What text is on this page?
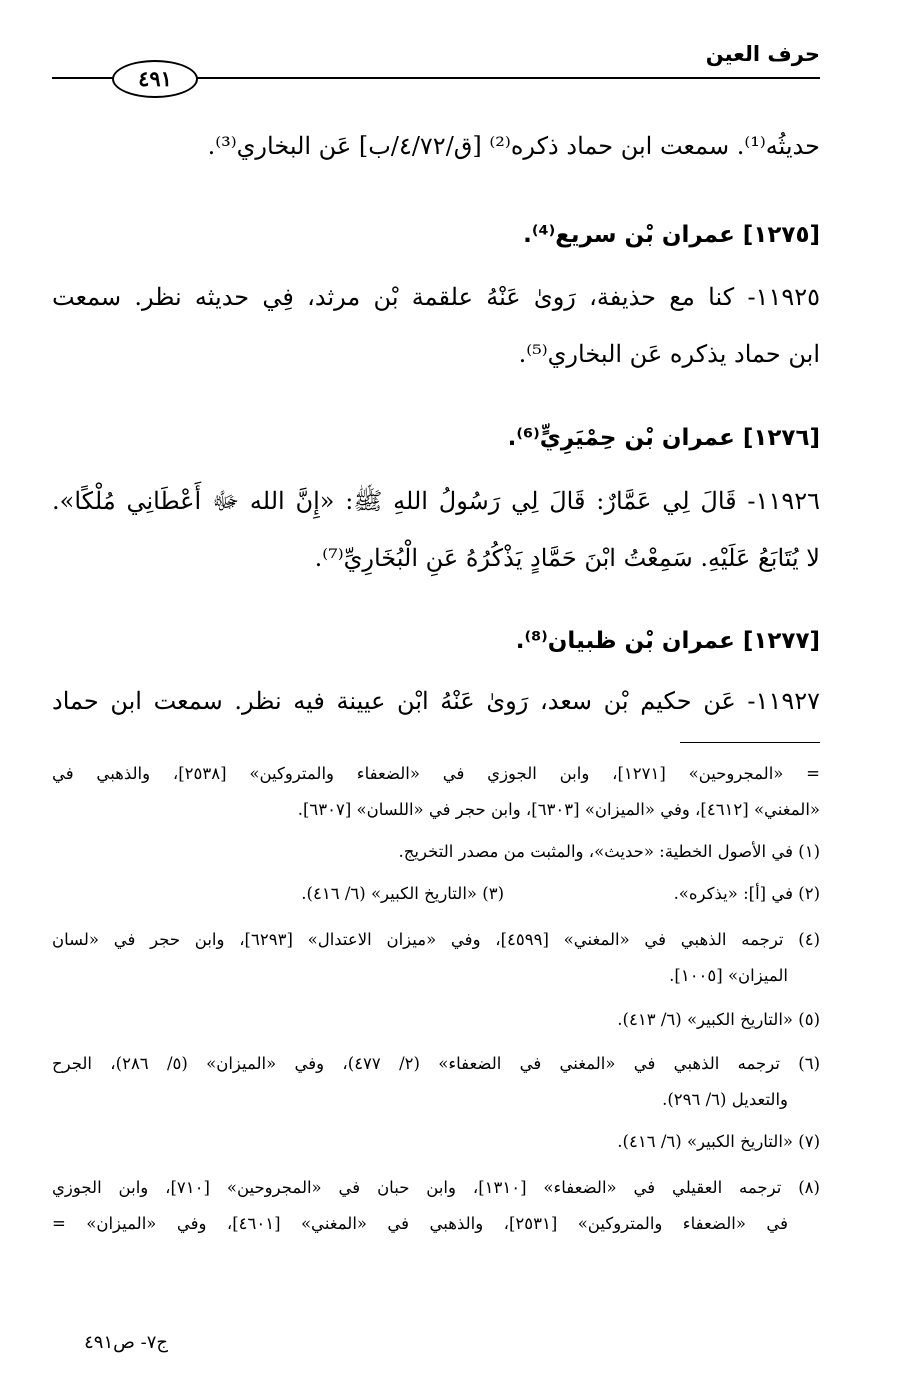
حرف العين
٤٩١
حديثُه⁽¹⁾. سمعت ابن حماد ذكره⁽²⁾ [ق/٤/٧٢/ب] عَن البخاري⁽³⁾.
[١٢٧٥] عمران بْن سريع⁽⁴⁾.
١١٩٢٥- كنا مع حذيفة، رَوىٰ عَنْهُ علقمة بْن مرثد، فِي حديثه نظر. سمعت
ابن حماد يذكره عَن البخاري⁽⁵⁾.
[١٢٧٦] عمران بْن حِمْيَرِيٍّ⁽⁶⁾.
١١٩٢٦- قَالَ لِي عَمَّارٌ: قَالَ لِي رَسُولُ اللهِ ﷺ: «إِنَّ الله ﷻ أَعْطَانِي مُلْكًا».
لا يُتَابَعُ عَلَيْهِ. سَمِعْتُ ابْنَ حَمَّادٍ يَذْكُرُهُ عَنِ الْبُخَارِيِّ⁽⁷⁾.
[١٢٧٧] عمران بْن ظبيان⁽⁸⁾.
١١٩٢٧- عَن حكيم بْن سعد، رَوىٰ عَنْهُ ابْن عيينة فيه نظر. سمعت ابن حماد
= «المجروحين» [١٢٧١]، وابن الجوزي في «الضعفاء والمتروكين» [٢٥٣٨]، والذهبي في
«المغني» [٤٦١٢]، وفي «الميزان» [٦٣٠٣]، وابن حجر في «اللسان» [٦٣٠٧].
(١) في الأصول الخطية: «حديث»، والمثبت من مصدر التخريج.
(٢) في [أ]: «يذكره».
(٣) «التاريخ الكبير» (٦/ ٤١٦).
(٤) ترجمه الذهبي في «المغني» [٤٥٩٩]، وفي «ميزان الاعتدال» [٦٢٩٣]، وابن حجر في «لسان
الميزان» [١٠٠٥].
(٥) «التاريخ الكبير» (٦/ ٤١٣).
(٦) ترجمه الذهبي في «المغني في الضعفاء» (٢/ ٤٧٧)، وفي «الميزان» (٥/ ٢٨٦)، الجرح
والتعديل (٦/ ٢٩٦).
(٧) «التاريخ الكبير» (٦/ ٤١٦).
(٨) ترجمه العقيلي في «الضعفاء» [١٣١٠]، وابن حبان في «المجروحين» [٧١٠]، وابن الجوزي
في «الضعفاء والمتروكين» [٢٥٣١]، والذهبي في «المغني» [٤٦٠١]، وفي «الميزان» =
ج٧- ص٤٩١
